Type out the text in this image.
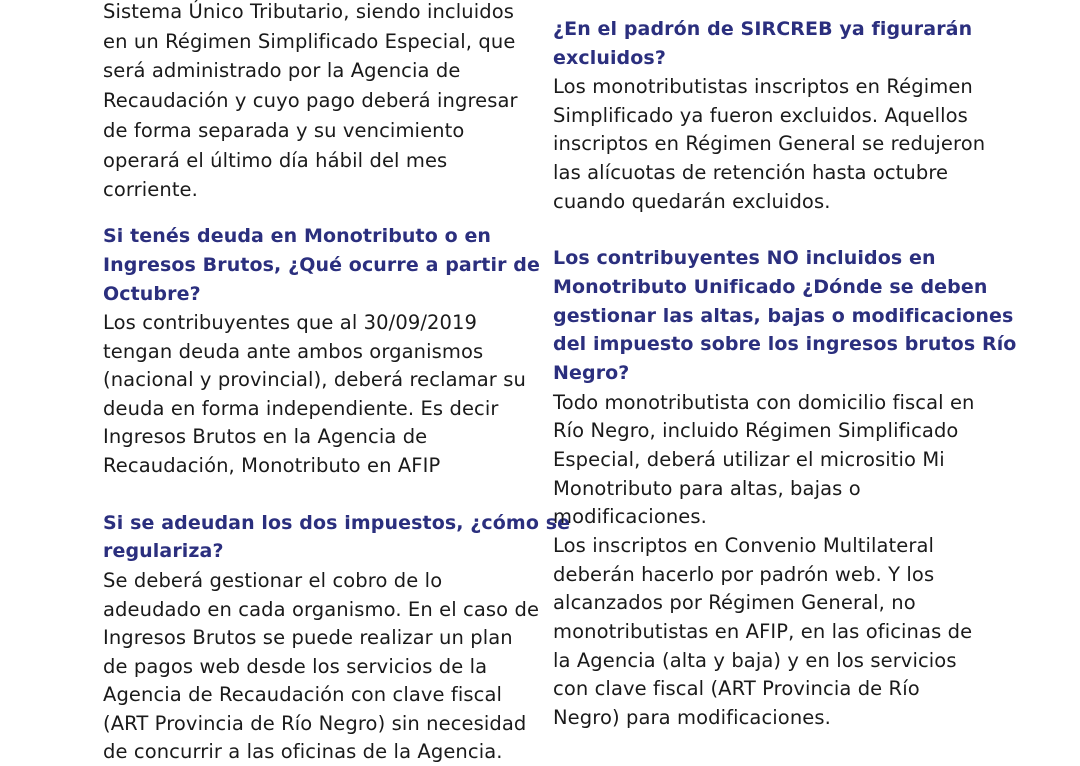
Sistema Único Tributario, siendo incluidos
en un Régimen Simplificado Especial, que
será administrado por la Agencia de
Recaudación y cuyo pago deberá ingresar
de forma separada y su vencimiento
operará el último día hábil del mes
corriente.
Si tenés deuda en Monotributo o en
Ingresos Brutos, ¿Qué ocurre a partir de
Octubre?
Los contribuyentes que al 30/09/2019
tengan deuda ante ambos organismos
(nacional y provincial), deberá reclamar su
deuda en forma independiente. Es decir
Ingresos Brutos en la Agencia de
Recaudación, Monotributo en AFIP
Si se adeudan los dos impuestos, ¿cómo se
regulariza?
Se deberá gestionar el cobro de lo
adeudado en cada organismo. En el caso de
Ingresos Brutos se puede realizar un plan
de pagos web desde los servicios de la
Agencia de Recaudación con clave fiscal
(ART Provincia de Río Negro) sin necesidad
de concurrir a las oficinas de la Agencia.
¿En el padrón de SIRCREB ya figurarán
excluidos?
Los monotributistas inscriptos en Régimen
Simplificado ya fueron excluidos. Aquellos
inscriptos en Régimen General se redujeron
las alícuotas de retención hasta octubre
cuando quedarán excluidos.
Los contribuyentes NO incluidos en
Monotributo Unificado ¿Dónde se deben
gestionar las altas, bajas o modificaciones
del impuesto sobre los ingresos brutos Río
Negro?
Todo monotributista con domicilio fiscal en
Río Negro, incluido Régimen Simplificado
Especial, deberá utilizar el micrositio Mi
Monotributo para altas, bajas o
modificaciones.
Los inscriptos en Convenio Multilateral
deberán hacerlo por padrón web. Y los
alcanzados por Régimen General, no
monotributistas en AFIP, en las oficinas de
la Agencia (alta y baja) y en los servicios
con clave fiscal (ART Provincia de Río
Negro) para modificaciones.
